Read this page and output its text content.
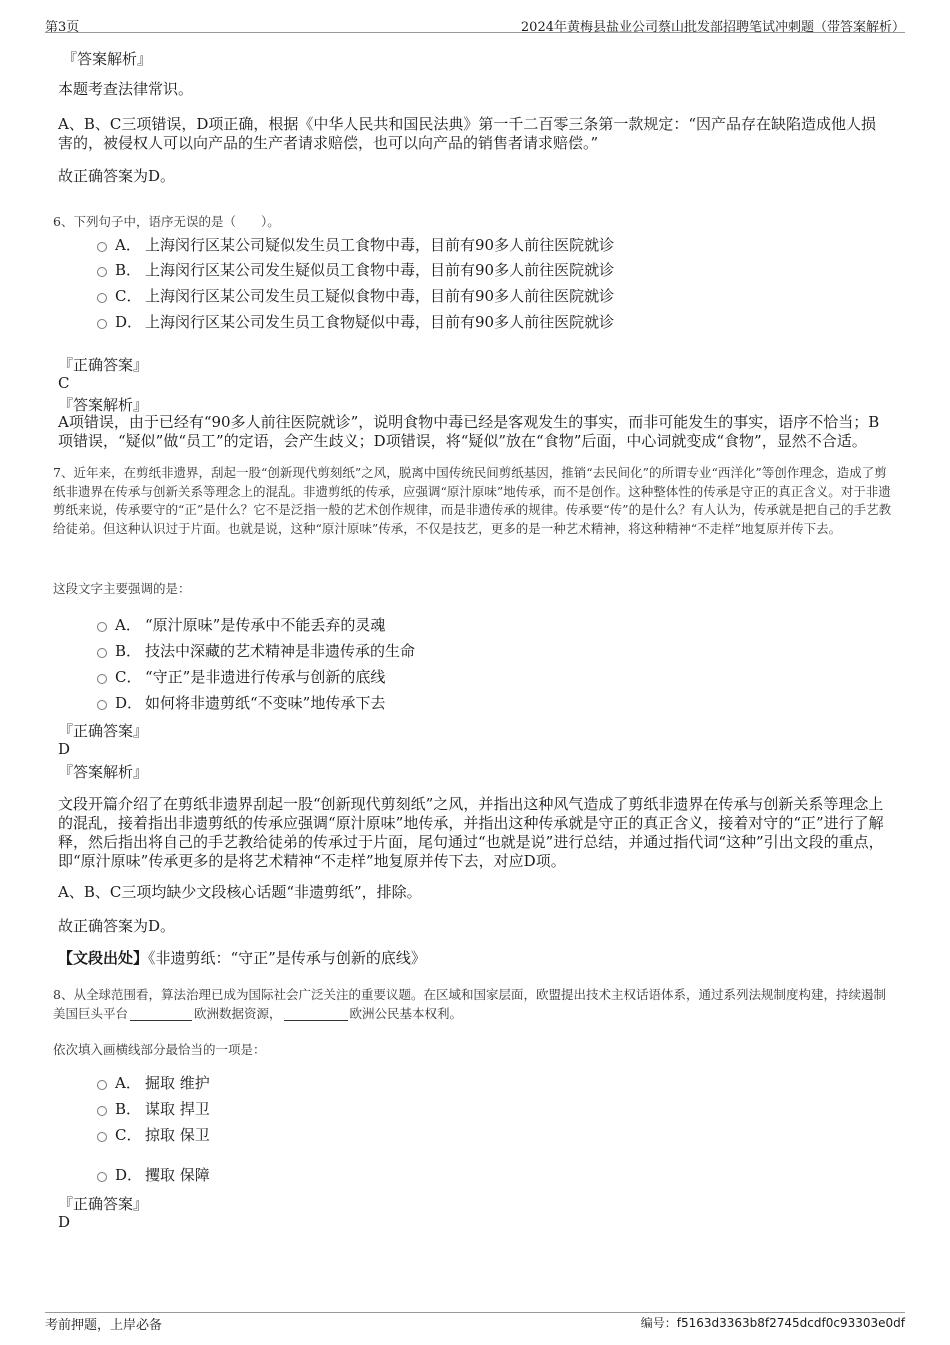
第3页	2024年黄梅县盐业公司蔡山批发部招聘笔试冲刺题（带答案解析）
『答案解析』
本题考查法律常识。
A、B、C三项错误，D项正确，根据《中华人民共和国民法典》第一千二百零三条第一款规定：“因产品存在缺陷造成他人损害的，被侵权人可以向产品的生产者请求赔偿，也可以向产品的销售者请求赔偿。”
故正确答案为D。
6、下列句子中，语序无误的是（　　）。
A． 上海闵行区某公司疑似发生员工食物中毒，目前有90多人前往医院就诊
B． 上海闵行区某公司发生疑似员工食物中毒，目前有90多人前往医院就诊
C． 上海闵行区某公司发生员工疑似食物中毒，目前有90多人前往医院就诊
D． 上海闵行区某公司发生员工食物疑似中毒，目前有90多人前往医院就诊
『正确答案』
C
『答案解析』
A项错误，由于已经有“90多人前往医院就诊”，说明食物中毒已经是客观发生的事实，而非可能发生的事实，语序不恰当；B项错误，“疑似”做“员工”的定语，会产生歧义；D项错误，将“疑似”放在“食物”后面，中心词就变成“食物”，显然不合适。
7、近年来，在剪纸非遗界，刮起一股“创新现代剪刻纸”之风，脱离中国传统民间剪纸基因，推销“去民间化”的所谓专业“西洋化”等创作理念，造成了剪纸非遗界在传承与创新关系等理念上的混乱。非遗剪纸的传承，应强调“原汁原味”地传承，而不是创作。这种整体性的传承是守正的真正含义。对于非遗剪纸来说，传承要守的“正”是什么？它不是泛指一般的艺术创作规律，而是非遗传承的规律。传承要“传”的是什么？有人认为，传承就是把自己的手艺教给徒弟。但这种认识过于片面。也就是说，这种“原汁原味”传承，不仅是技艺，更多的是一种艺术精神，将这种精神“不走样”地复原并传下去。
这段文字主要强调的是：
A． “原汁原味”是传承中不能丢弃的灵魂
B． 技法中深藏的艺术精神是非遗传承的生命
C． “守正”是非遗进行传承与创新的底线
D． 如何将非遗剪纸“不变味”地传承下去
『正确答案』
D
『答案解析』
文段开篇介绍了在剪纸非遗界刮起一股“创新现代剪刻纸”之风，并指出这种风气造成了剪纸非遗界在传承与创新关系等理念上的混乱，接着指出非遗剪纸的传承应强调“原汁原味”地传承，并指出这种传承就是守正的真正含义，接着对守的“正”进行了解释，然后指出将自己的手艺教给徒弟的传承过于片面，尾句通过“也就是说”进行总结，并通过指代词“这种”引出文段的重点，即“原汁原味”传承更多的是将艺术精神“不走样”地复原并传下去，对应D项。
A、B、C三项均缺少文段核心话题“非遗剪纸”，排除。
故正确答案为D。
【文段出处】《非遗剪纸：“守正”是传承与创新的底线》
8、从全球范围看，算法治理已成为国际社会广泛关注的重要议题。在区域和国家层面，欧盟提出技术主权话语体系，通过系列法规制度构建，持续遏制美国巨头平台	欧洲数据资源，	欧洲公民基本权利。
依次填入画横线部分最恰当的一项是：
A． 掘取 维护
B． 谋取 捍卫
C． 掠取 保卫
D． 攫取 保障
『正确答案』
D
考前押题，上岸必备	编号：f5163d3363b8f2745dcdf0c93303e0df
